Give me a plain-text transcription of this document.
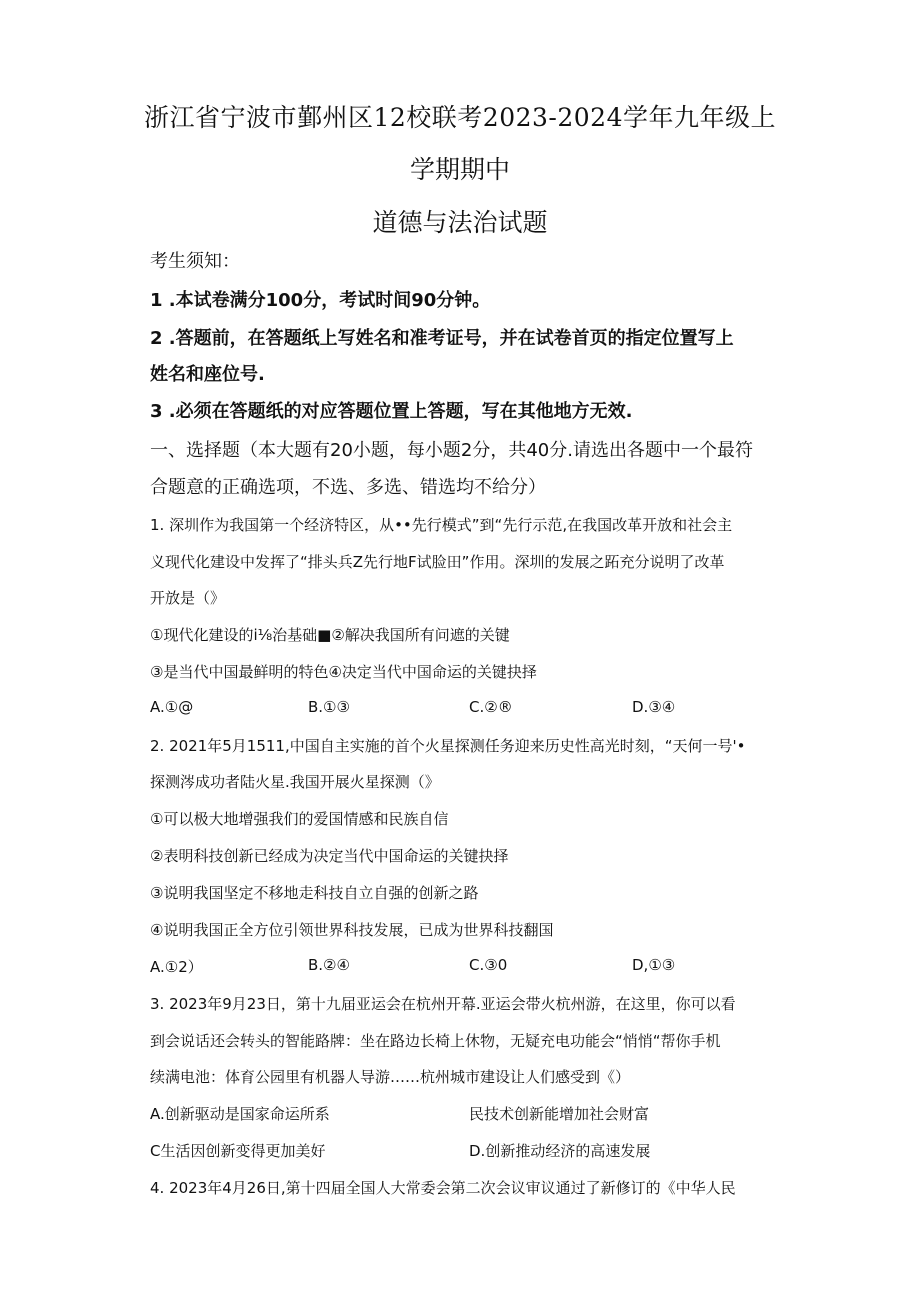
浙江省宁波市鄞州区12校联考2023-2024学年九年级上
学期期中
道德与法治试题
考生须知：
1 .本试卷满分100分，考试时间90分钟。
2 .答题前，在答题纸上写姓名和准考证号，并在试卷首页的指定位置写上
姓名和座位号.
3 .必须在答题纸的对应答题位置上答题，写在其他地方无效.
一、选择题（本大题有20小题，每小题2分，共40分.请选出各题中一个最符
合题意的正确选项，不选、多选、错选均不给分）
1. 深圳作为我国第一个经济特区，从••先行模式”到“先行示范,在我国改革开放和社会主
义现代化建设中发挥了“排头兵Z先行地F试脸田”作用。深圳的发展之跖充分说明了改革
开放是（》
①现代化建设的i⅛治基础■②解决我国所有问遮的关键
③是当代中国最鲜明的特色④决定当代中国命运的关键抉择
A.①@	B.①③	C.②®	D.③④
2. 2021年5月1511,中国自主实施的首个火星探测任务迎来历史性高光时刻，“天何一号'•
探测涔成功者陆火星.我国开展火星探测（》
①可以极大地增强我们的爱国情感和民族自信
②表明科技创新已经成为决定当代中国命运的关键抉择
③说明我国坚定不移地走科技自立自强的创新之路
④说明我国正全方位引领世界科技发展，已成为世界科技翻国
A.①2）	B.②④	C.③0	D,①③
3. 2023年9月23日，第十九届亚运会在杭州开幕.亚运会带火杭州游，在这里，你可以看
到会说话还会转头的智能路牌：坐在路边长椅上休物，无疑充电功能会“悄悄“帮你手机
续满电池：体育公园里有机器人导游……杭州城市建设让人们感受到《）
A.创新驱动是国家命运所系	民技术创新能增加社会财富
C生活因创新变得更加美好	D.创新推动经济的高速发展
4. 2023年4月26日,第十四届全国人大常委会第二次会议审议通过了新修订的《中华人民
